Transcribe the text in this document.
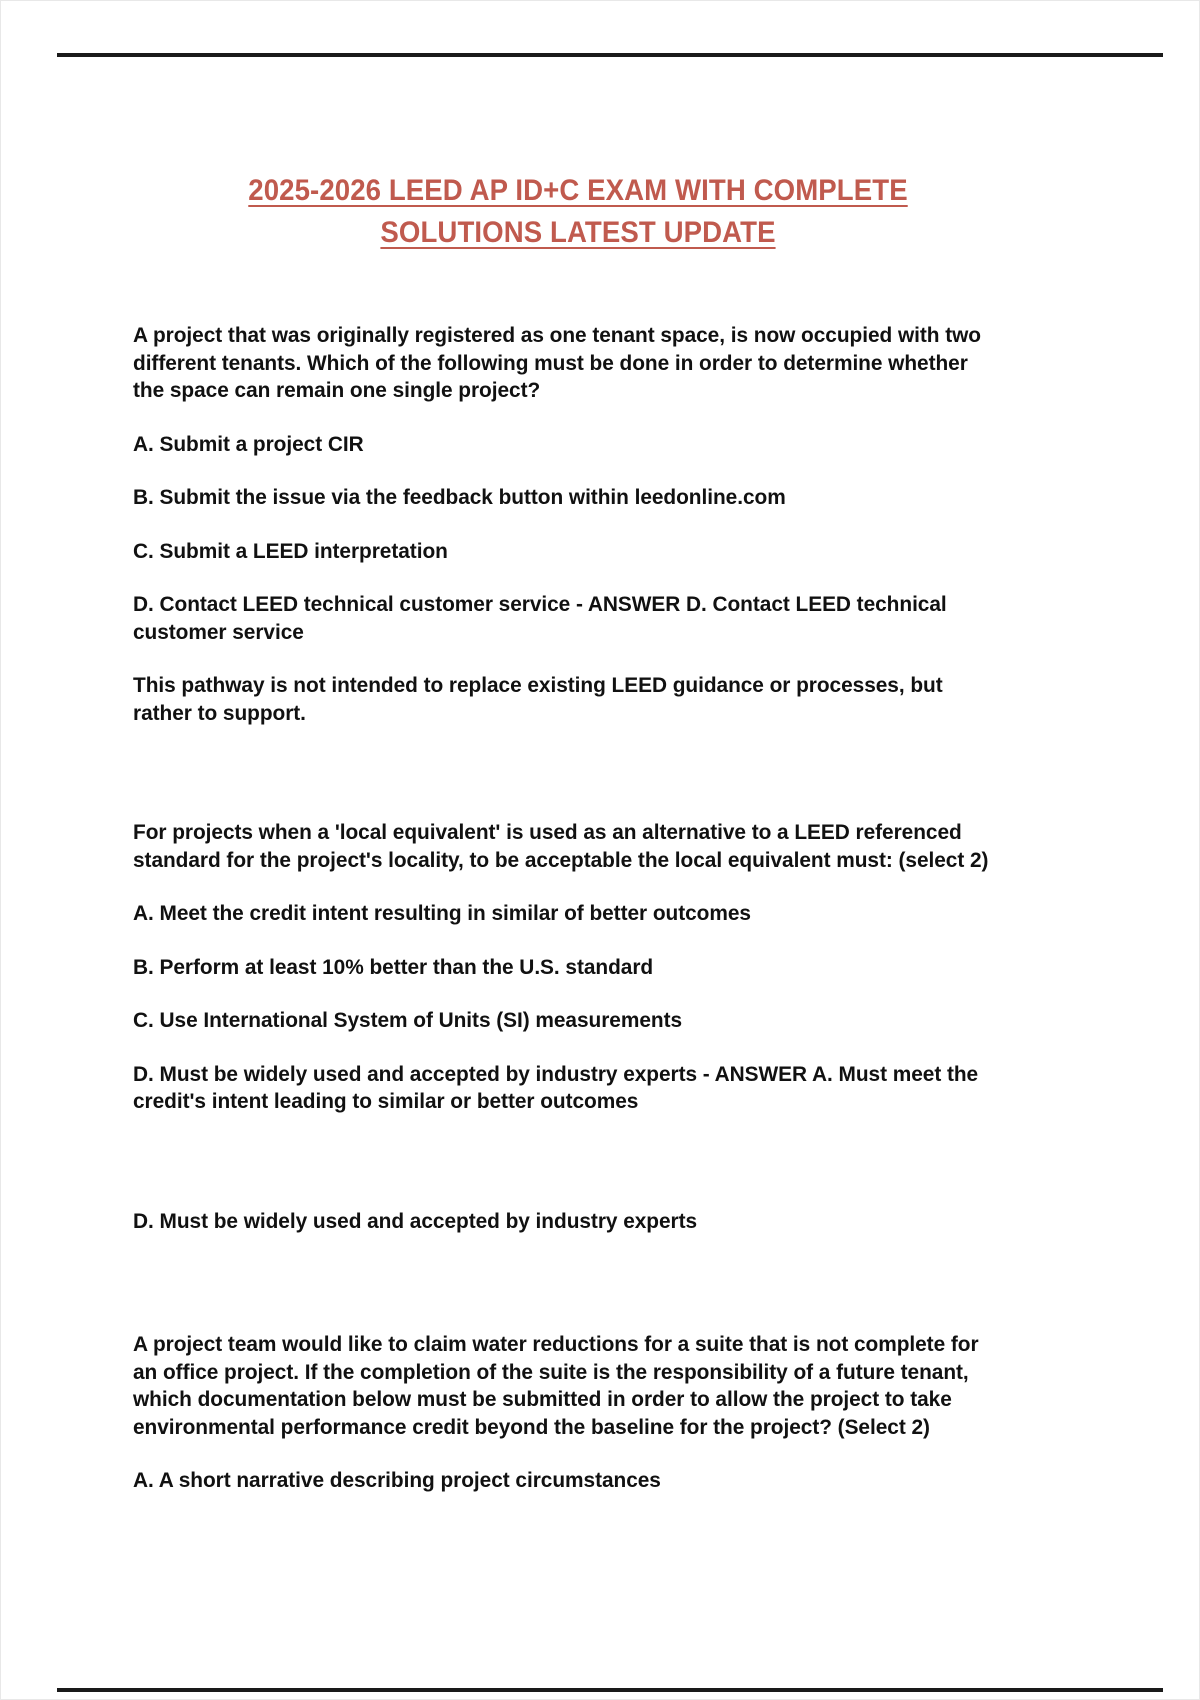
2025-2026 LEED AP ID+C EXAM WITH COMPLETE
SOLUTIONS LATEST UPDATE

A project that was originally registered as one tenant space, is now occupied with two different tenants. Which of the following must be done in order to determine whether the space can remain one single project?

A. Submit a project CIR

B. Submit the issue via the feedback button within leedonline.com

C. Submit a LEED interpretation

D. Contact LEED technical customer service - ANSWER D. Contact LEED technical customer service

This pathway is not intended to replace existing LEED guidance or processes, but rather to support.

For projects when a 'local equivalent' is used as an alternative to a LEED referenced standard for the project's locality, to be acceptable the local equivalent must: (select 2)

A. Meet the credit intent resulting in similar of better outcomes

B. Perform at least 10% better than the U.S. standard

C. Use International System of Units (SI) measurements

D. Must be widely used and accepted by industry experts - ANSWER A. Must meet the credit's intent leading to similar or better outcomes

D. Must be widely used and accepted by industry experts

A project team would like to claim water reductions for a suite that is not complete for an office project. If the completion of the suite is the responsibility of a future tenant, which documentation below must be submitted in order to allow the project to take environmental performance credit beyond the baseline for the project? (Select 2)

A. A short narrative describing project circumstances
